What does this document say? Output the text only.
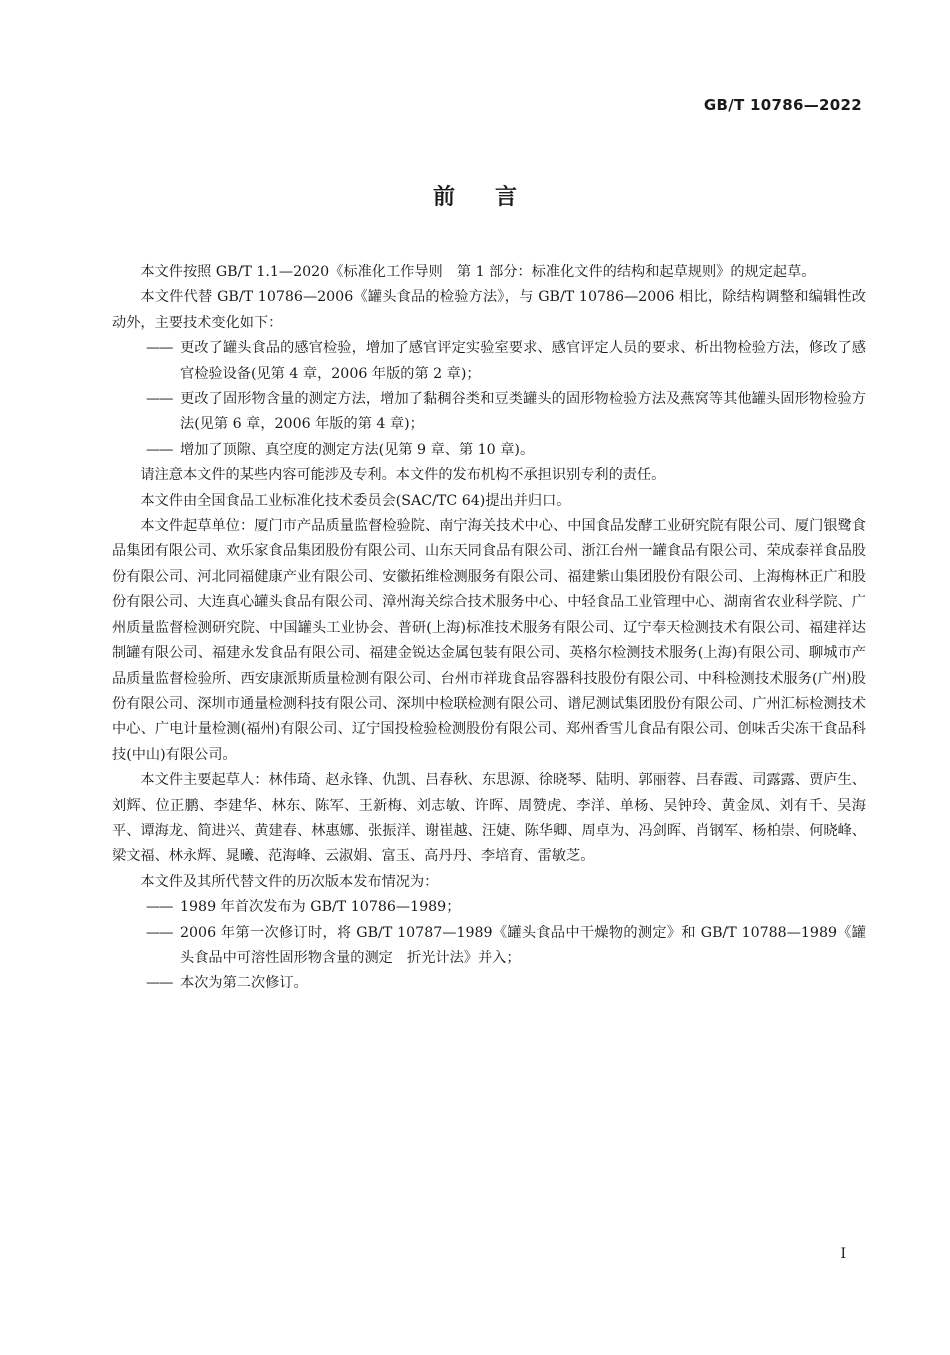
GB/T 10786—2022
前言

本文件按照 GB/T 1.1—2020《标准化工作导则　第 1 部分：标准化文件的结构和起草规则》的规定起草。

本文件代替 GB/T 10786—2006《罐头食品的检验方法》，与 GB/T 10786—2006 相比，除结构调整和编辑性改动外，主要技术变化如下：

—— 更改了罐头食品的感官检验，增加了感官评定实验室要求、感官评定人员的要求、析出物检验方法，修改了感官检验设备(见第 4 章，2006 年版的第 2 章)；

—— 更改了固形物含量的测定方法，增加了黏稠谷类和豆类罐头的固形物检验方法及燕窝等其他罐头固形物检验方法(见第 6 章，2006 年版的第 4 章)；

—— 增加了顶隙、真空度的测定方法(见第 9 章、第 10 章)。

请注意本文件的某些内容可能涉及专利。本文件的发布机构不承担识别专利的责任。

本文件由全国食品工业标准化技术委员会(SAC/TC 64)提出并归口。

本文件起草单位：厦门市产品质量监督检验院、南宁海关技术中心、中国食品发酵工业研究院有限公司、厦门银鹭食品集团有限公司、欢乐家食品集团股份有限公司、山东天同食品有限公司、浙江台州一罐食品有限公司、荣成泰祥食品股份有限公司、河北同福健康产业有限公司、安徽拓维检测服务有限公司、福建紫山集团股份有限公司、上海梅林正广和股份有限公司、大连真心罐头食品有限公司、漳州海关综合技术服务中心、中轻食品工业管理中心、湖南省农业科学院、广州质量监督检测研究院、中国罐头工业协会、普研(上海)标准技术服务有限公司、辽宁奉天检测技术有限公司、福建祥达制罐有限公司、福建永发食品有限公司、福建金锐达金属包装有限公司、英格尔检测技术服务(上海)有限公司、聊城市产品质量监督检验所、西安康派斯质量检测有限公司、台州市祥珑食品容器科技股份有限公司、中科检测技术服务(广州)股份有限公司、深圳市通量检测科技有限公司、深圳中检联检测有限公司、谱尼测试集团股份有限公司、广州汇标检测技术中心、广电计量检测(福州)有限公司、辽宁国投检验检测股份有限公司、郑州香雪儿食品有限公司、创味舌尖冻干食品科技(中山)有限公司。

本文件主要起草人：林伟琦、赵永锋、仇凯、吕春秋、东思源、徐晓琴、陆明、郭丽蓉、吕春霞、司露露、贾庐生、刘辉、位正鹏、李建华、林东、陈军、王新梅、刘志敏、许晖、周赞虎、李洋、单杨、吴钟玲、黄金凤、刘有千、吴海平、谭海龙、简进兴、黄建春、林惠娜、张振洋、谢崔越、汪婕、陈华卿、周卓为、冯剑晖、肖钢军、杨柏崇、何晓峰、梁文福、林永辉、晁曦、范海峰、云淑娟、富玉、高丹丹、李培育、雷敏芝。

本文件及其所代替文件的历次版本发布情况为：

—— 1989 年首次发布为 GB/T 10786—1989；

—— 2006 年第一次修订时，将 GB/T 10787—1989《罐头食品中干燥物的测定》和 GB/T 10788—1989《罐头食品中可溶性固形物含量的测定　折光计法》并入；

—— 本次为第二次修订。

I
